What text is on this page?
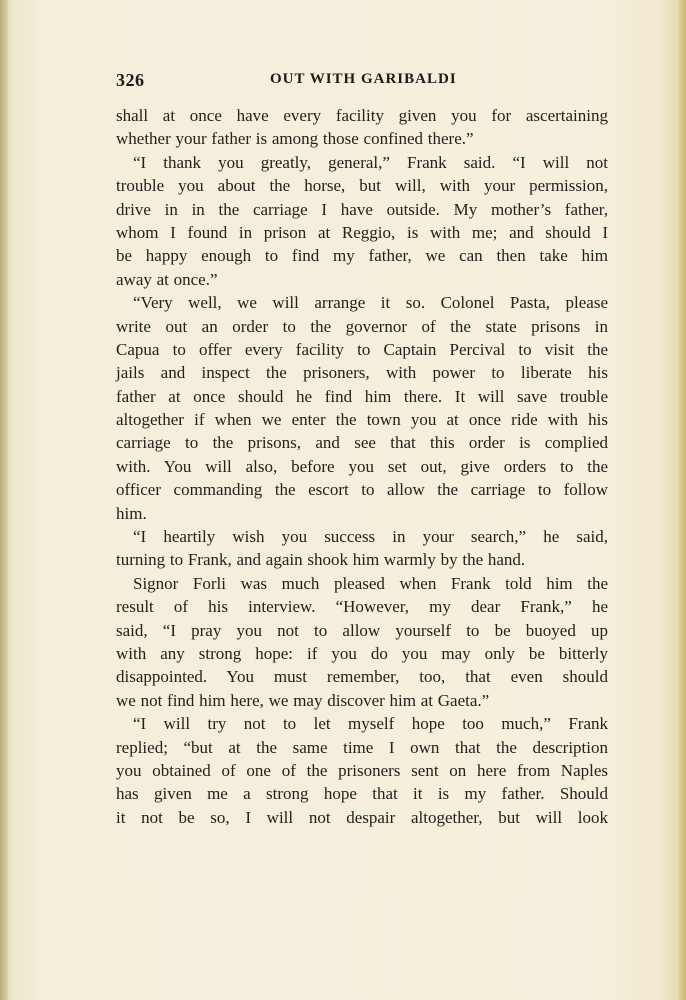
326	OUT WITH GARIBALDI
shall at once have every facility given you for ascertaining
whether your father is among those confined there.”
“I thank you greatly, general,” Frank said. “I will not
trouble you about the horse, but will, with your permission,
drive in in the carriage I have outside. My mother’s father,
whom I found in prison at Reggio, is with me; and should I
be happy enough to find my father, we can then take him
away at once.”
“Very well, we will arrange it so. Colonel Pasta, please
write out an order to the governor of the state prisons in
Capua to offer every facility to Captain Percival to visit the
jails and inspect the prisoners, with power to liberate his
father at once should he find him there. It will save trouble
altogether if when we enter the town you at once ride with his
carriage to the prisons, and see that this order is complied
with. You will also, before you set out, give orders to the
officer commanding the escort to allow the carriage to follow
him.
“I heartily wish you success in your search,” he said,
turning to Frank, and again shook him warmly by the hand.
Signor Forli was much pleased when Frank told him the
result of his interview. “However, my dear Frank,” he
said, “I pray you not to allow yourself to be buoyed up
with any strong hope: if you do you may only be bitterly
disappointed. You must remember, too, that even should
we not find him here, we may discover him at Gaeta.”
“I will try not to let myself hope too much,” Frank
replied; “but at the same time I own that the description
you obtained of one of the prisoners sent on here from Naples
has given me a strong hope that it is my father. Should
it not be so, I will not despair altogether, but will look
